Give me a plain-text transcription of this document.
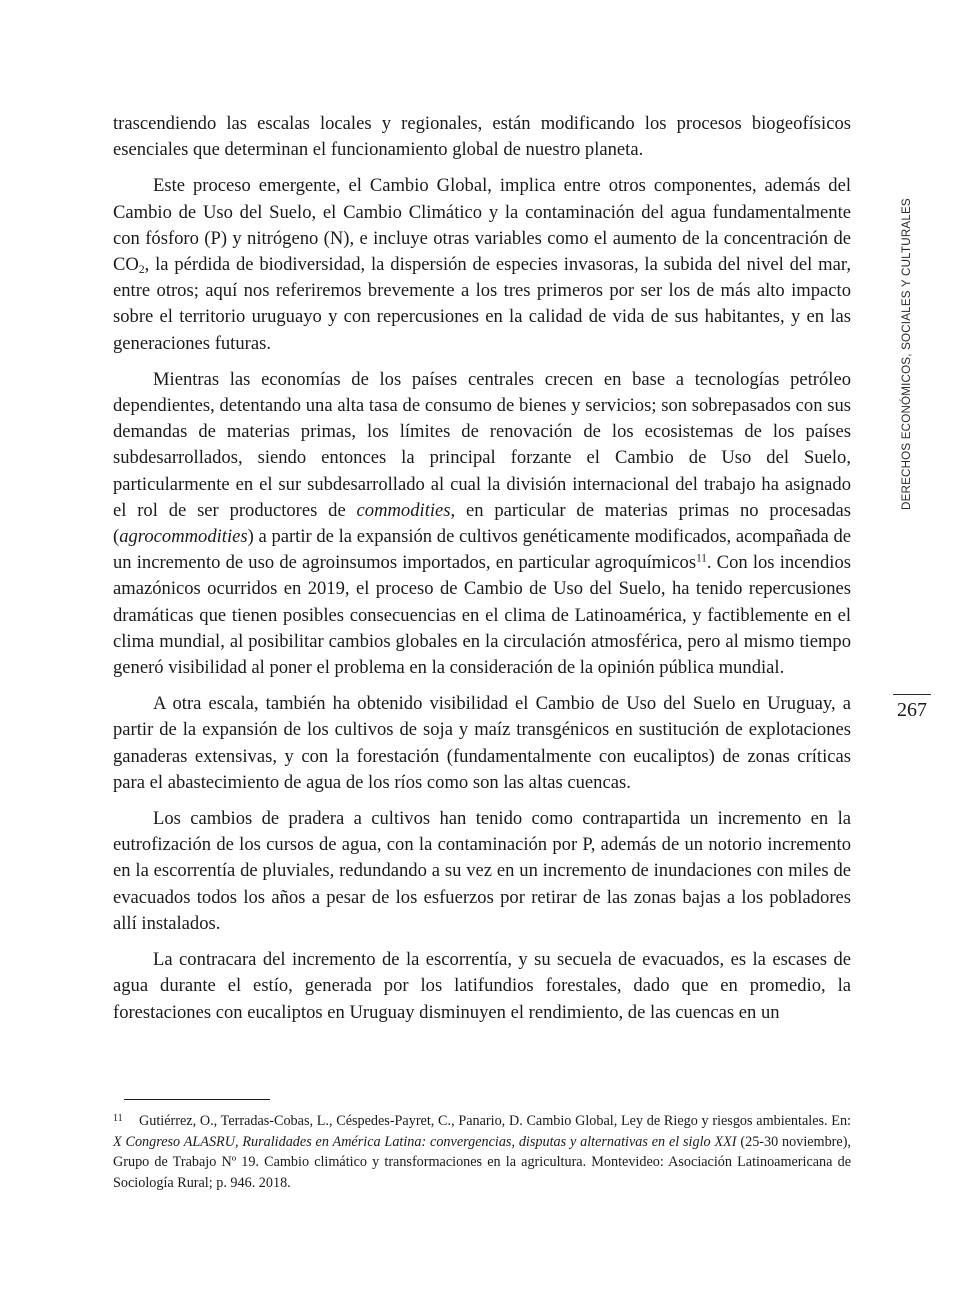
trascendiendo las escalas locales y regionales, están modificando los procesos biogeofísicos esenciales que determinan el funcionamiento global de nuestro planeta.

Este proceso emergente, el Cambio Global, implica entre otros componentes, además del Cambio de Uso del Suelo, el Cambio Climático y la contaminación del agua fundamentalmente con fósforo (P) y nitrógeno (N), e incluye otras variables como el aumento de la concentración de $CO_2$, la pérdida de biodiversidad, la dispersión de especies invasoras, la subida del nivel del mar, entre otros; aquí nos referiremos brevemente a los tres primeros por ser los de más alto impacto sobre el territorio uruguayo y con repercusiones en la calidad de vida de sus habitantes, y en las generaciones futuras.

Mientras las economías de los países centrales crecen en base a tecnologías petróleo dependientes, detentando una alta tasa de consumo de bienes y servicios; son sobrepasados con sus demandas de materias primas, los límites de renovación de los ecosistemas de los países subdesarrollados, siendo entonces la principal forzante el Cambio de Uso del Suelo, particularmente en el sur subdesarrollado al cual la división internacional del trabajo ha asignado el rol de ser productores de commodities, en particular de materias primas no procesadas (agrocommodities) a partir de la expansión de cultivos genéticamente modificados, acompañada de un incremento de uso de agroinsumos importados, en particular agroquímicos$^{11}$. Con los incendios amazónicos ocurridos en 2019, el proceso de Cambio de Uso del Suelo, ha tenido repercusiones dramáticas que tienen posibles consecuencias en el clima de Latinoamérica, y factiblemente en el clima mundial, al posibilitar cambios globales en la circulación atmosférica, pero al mismo tiempo generó visibilidad al poner el problema en la consideración de la opinión pública mundial.

A otra escala, también ha obtenido visibilidad el Cambio de Uso del Suelo en Uruguay, a partir de la expansión de los cultivos de soja y maíz transgénicos en sustitución de explotaciones ganaderas extensivas, y con la forestación (fundamentalmente con eucaliptos) de zonas críticas para el abastecimiento de agua de los ríos como son las altas cuencas.

Los cambios de pradera a cultivos han tenido como contrapartida un incremento en la eutrofización de los cursos de agua, con la contaminación por P, además de un notorio incremento en la escorrentía de pluviales, redundando a su vez en un incremento de inundaciones con miles de evacuados todos los años a pesar de los esfuerzos por retirar de las zonas bajas a los pobladores allí instalados.

La contracara del incremento de la escorrentía, y su secuela de evacuados, es la escases de agua durante el estío, generada por los latifundios forestales, dado que en promedio, la forestaciones con eucaliptos en Uruguay disminuyen el rendimiento, de las cuencas en un

DERECHOS ECONÓMICOS, SOCIALES Y CULTURALES
267
11 Gutiérrez, O., Terradas-Cobas, L., Céspedes-Payret, C., Panario, D. Cambio Global, Ley de Riego y riesgos ambientales. En: X Congreso ALASRU, Ruralidades en América Latina: convergencias, disputas y alternativas en el siglo XXI (25-30 noviembre), Grupo de Trabajo Nº 19. Cambio climático y transformaciones en la agricultura. Montevideo: Asociación Latinoamericana de Sociología Rural; p. 946. 2018.
